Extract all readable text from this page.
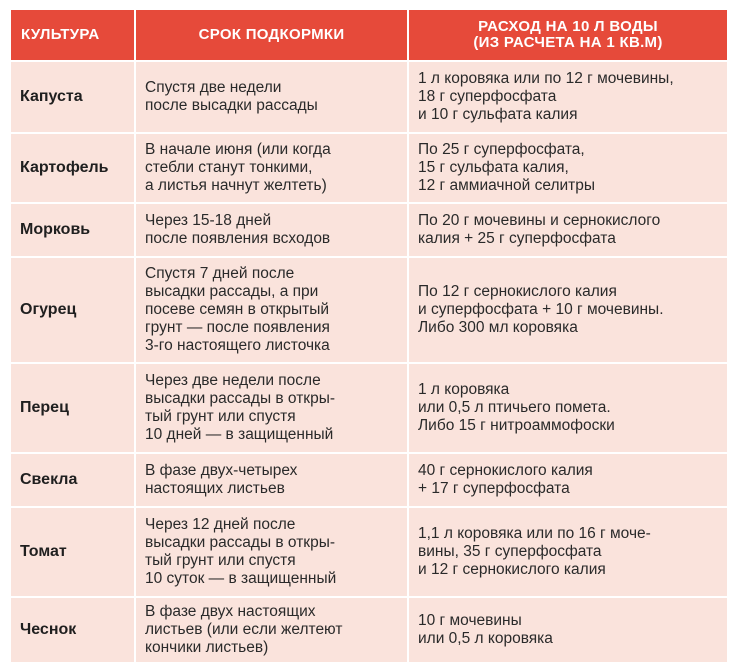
КУЛЬТУРА	СРОК ПОДКОРМКИ	РАСХОД НА 10 Л ВОДЫ
(ИЗ РАСЧЕТА НА 1 КВ.М)

Капуста	Спустя две недели
после высадки рассады	1 л коровяка или по 12 г мочевины,
18 г суперфосфата
и 10 г сульфата калия

Картофель	В начале июня (или когда
стебли станут тонкими,
а листья начнут желтеть)	По 25 г суперфосфата,
15 г сульфата калия,
12 г аммиачной селитры

Морковь	Через 15-18 дней
после появления всходов	По 20 г мочевины и сернокислого
калия + 25 г суперфосфата

Огурец	Спустя 7 дней после
высадки рассады, а при
посеве семян в открытый
грунт — после появления
3-го настоящего листочка	По 12 г сернокислого калия
и суперфосфата + 10 г мочевины.
Либо 300 мл коровяка

Перец	Через две недели после
высадки рассады в откры-
тый грунт или спустя
10 дней — в защищенный	1 л коровяка
или 0,5 л птичьего помета.
Либо 15 г нитроаммофоски

Свекла	В фазе двух-четырех
настоящих листьев	40 г сернокислого калия
+ 17 г суперфосфата

Томат	Через 12 дней после
высадки рассады в откры-
тый грунт или спустя
10 суток — в защищенный	1,1 л коровяка или по 16 г моче-
вины, 35 г суперфосфата
и 12 г сернокислого калия

Чеснок	В фазе двух настоящих
листьев (или если желтеют
кончики листьев)	10 г мочевины
или 0,5 л коровяка
